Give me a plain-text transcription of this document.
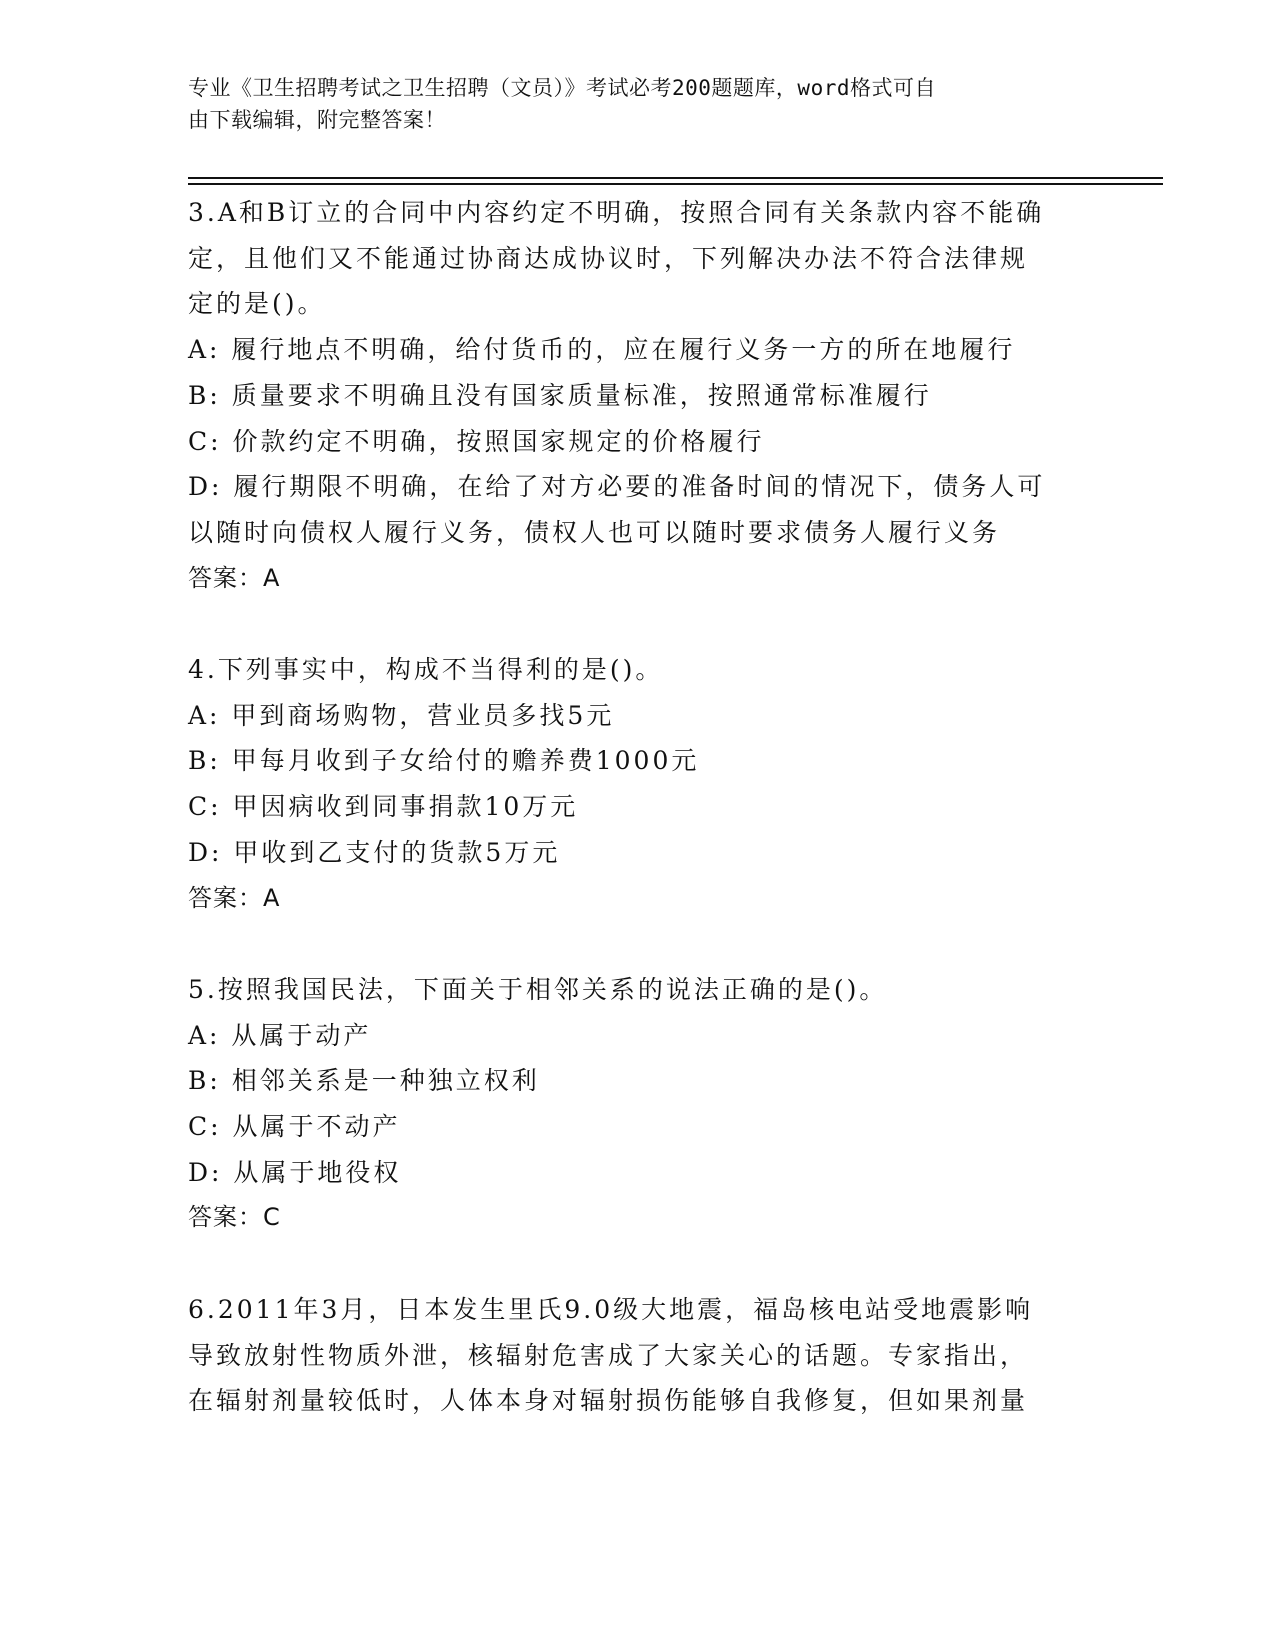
专业《卫生招聘考试之卫生招聘（文员）》考试必考200题题库，word格式可自
由下载编辑，附完整答案！
3.A和B订立的合同中内容约定不明确，按照合同有关条款内容不能确
定，且他们又不能通过协商达成协议时，下列解决办法不符合法律规
定的是()。
A: 履行地点不明确，给付货币的，应在履行义务一方的所在地履行
B: 质量要求不明确且没有国家质量标准，按照通常标准履行
C: 价款约定不明确，按照国家规定的价格履行
D: 履行期限不明确，在给了对方必要的准备时间的情况下，债务人可
以随时向债权人履行义务，债权人也可以随时要求债务人履行义务
答案：A
4.下列事实中，构成不当得利的是()。
A: 甲到商场购物，营业员多找5元
B: 甲每月收到子女给付的赡养费1000元
C: 甲因病收到同事捐款10万元
D: 甲收到乙支付的货款5万元
答案：A
5.按照我国民法，下面关于相邻关系的说法正确的是()。
A: 从属于动产
B: 相邻关系是一种独立权利
C: 从属于不动产
D: 从属于地役权
答案：C
6.2011年3月，日本发生里氏9.0级大地震，福岛核电站受地震影响
导致放射性物质外泄，核辐射危害成了大家关心的话题。专家指出，
在辐射剂量较低时，人体本身对辐射损伤能够自我修复，但如果剂量
